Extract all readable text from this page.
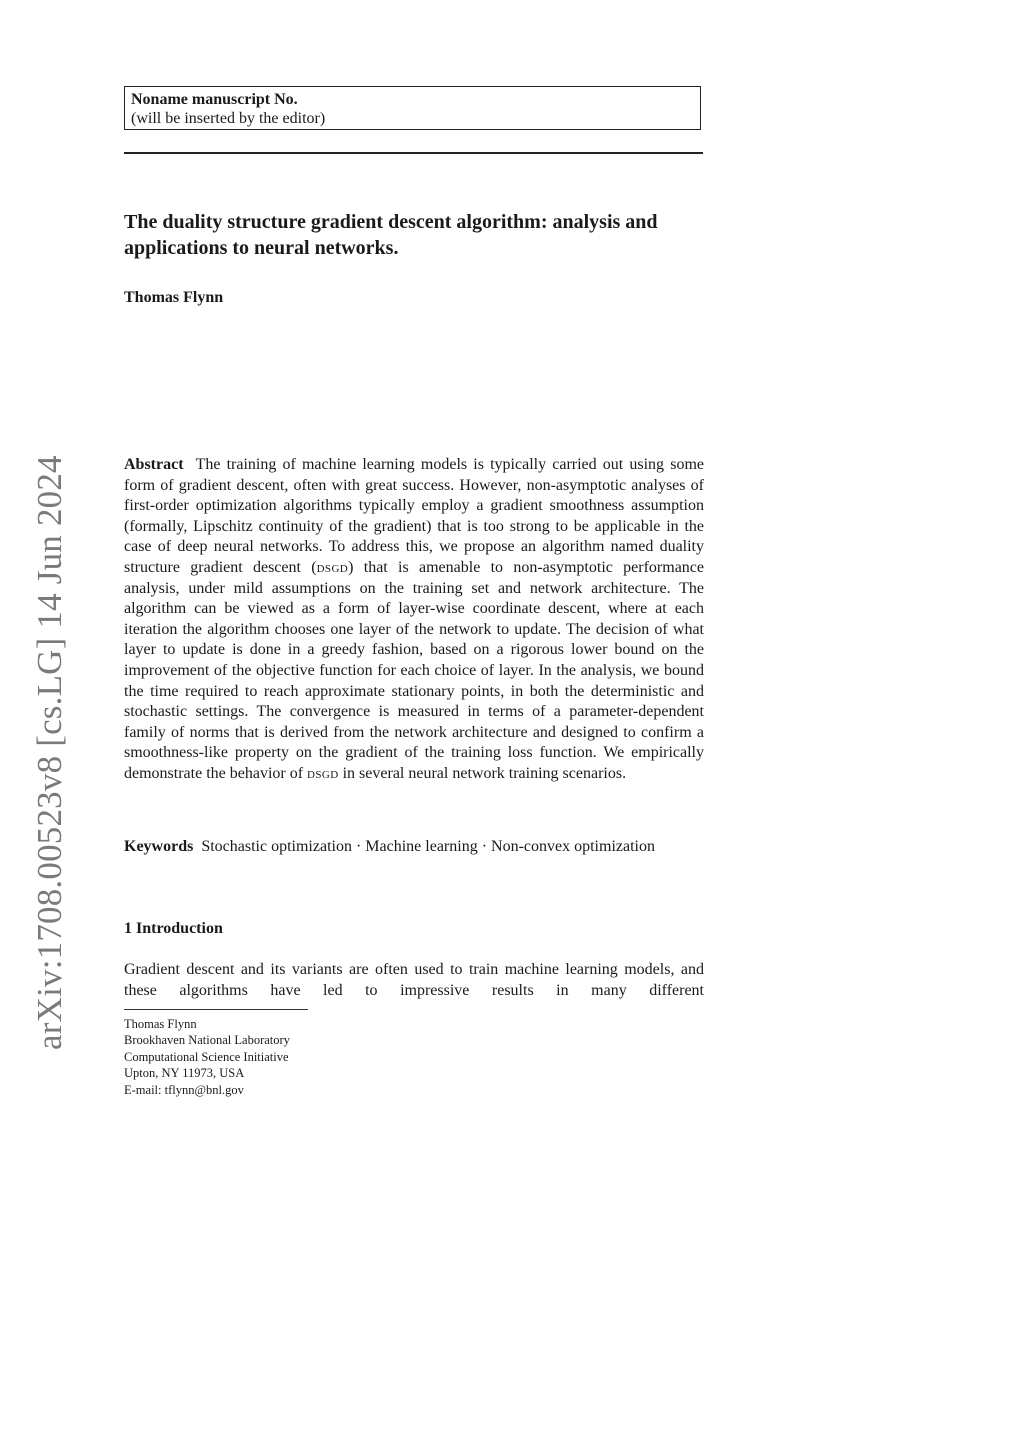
Noname manuscript No.
(will be inserted by the editor)
The duality structure gradient descent algorithm: analysis and applications to neural networks.
Thomas Flynn
arXiv:1708.00523v8 [cs.LG] 14 Jun 2024	Abstract The training of machine learning models is typically carried out using some form of gradient descent, often with great success. However, non-asymptotic analyses of first-order optimization algorithms typically employ a gradient smoothness assumption (formally, Lipschitz continuity of the gradient) that is too strong to be applicable in the case of deep neural networks. To address this, we propose an algorithm named duality structure gradient descent (dsgd) that is amenable to non-asymptotic performance analysis, under mild assumptions on the training set and network architecture. The algorithm can be viewed as a form of layer-wise coordinate descent, where at each iteration the algorithm chooses one layer of the network to update. The decision of what layer to update is done in a greedy fashion, based on a rigorous lower bound on the improvement of the objective function for each choice of layer. In the analysis, we bound the time required to reach approximate stationary points, in both the deterministic and stochastic settings. The convergence is measured in terms of a parameter-dependent family of norms that is derived from the network architecture and designed to confirm a smoothness-like property on the gradient of the training loss function. We empirically demonstrate the behavior of dsgd in several neural network training scenarios.

Keywords Stochastic optimization · Machine learning · Non-convex optimization

1 Introduction

Gradient descent and its variants are often used to train machine learning models, and these algorithms have led to impressive results in many different

Thomas Flynn
Brookhaven National Laboratory
Computational Science Initiative
Upton, NY 11973, USA
E-mail: tflynn@bnl.gov
